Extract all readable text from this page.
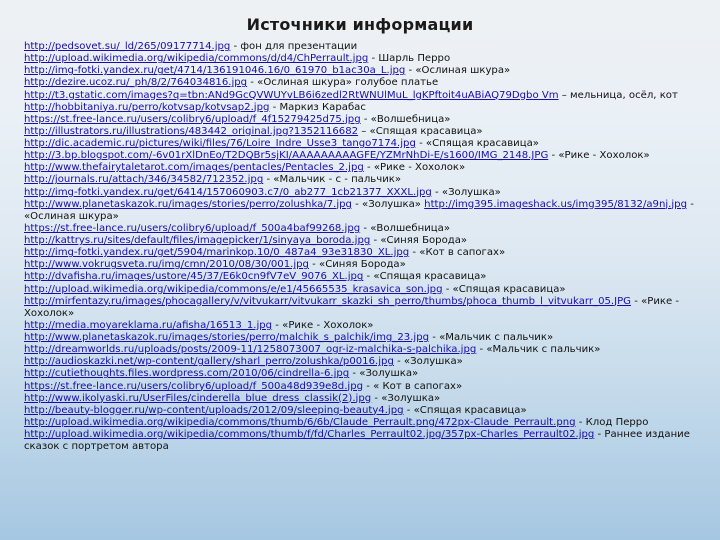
Источники информации
http://pedsovet.su/_ld/265/09177714.jpg - фон для презентации
http://upload.wikimedia.org/wikipedia/commons/d/d4/ChPerrault.jpg - Шарль Перро
http://img-fotki.yandex.ru/get/4714/136191046.16/0_61970_b1ac30a_L.jpg - «Ослиная шкура»
http://dezire.ucoz.ru/_ph/8/2/764034816.jpg - «Ослиная шкура» голубое платье
http://t3.gstatic.com/images?q=tbn:ANd9GcQVWUYvLB6i6zedl2RtWNUlMuL_lgKPftoit4uABiAQ79Dgbo Vm – мельница, осёл, кот
http://hobbitaniya.ru/perro/kotvsap/kotvsap2.jpg - Маркиз Карабас
https://st.free-lance.ru/users/colibry6/upload/f_4f15279425d75.jpg - «Волшебница»
http://illustrators.ru/illustrations/483442_original.jpg?1352116682 – «Спящая красавица»
http://dic.academic.ru/pictures/wiki/files/76/Loire_Indre_Usse3_tango7174.jpg - «Спящая красавица» http://3.bp.blogspot.com/-6v01rXlDnEo/T2DQBr5sjKI/AAAAAAAAAGFE/YZMrNhDi-E/s1600/IMG_2148.JPG - «Рике - Хохолок»
http://www.thefairytaletarot.com/images/pentacles/Pentacles_2.jpg - «Рике - Хохолок»
http://journals.ru/attach/346/34582/712352.jpg - «Мальчик - с - пальчик»
http://img-fotki.yandex.ru/get/6414/157060903.c7/0_ab277_1cb21377_XXXL.jpg - «Золушка»
http://www.planetaskazok.ru/images/stories/perro/zolushka/7.jpg - «Золушка» http://img395.imageshack.us/img395/8132/a9nj.jpg - «Ослиная шкура»
https://st.free-lance.ru/users/colibry6/upload/f_500a4baf99268.jpg - «Волшебница»
http://kattrys.ru/sites/default/files/imagepicker/1/sinyaya_boroda.jpg - «Синяя Борода»
http://img-fotki.yandex.ru/get/5904/marinkop.10/0_487a4_93e31830_XL.jpg - «Кот в сапогах»
http://www.vokrugsveta.ru/img/cmn/2010/08/30/001.jpg - «Синяя Борода»
http://dvafisha.ru/images/ustore/45/37/E6k0cn9fV7eV_9076_XL.jpg - «Спящая красавица»
http://upload.wikimedia.org/wikipedia/commons/e/e1/45665535_krasavica_son.jpg - «Спящая красавица»
http://mirfentazy.ru/images/phocagallery/v/vitvukarr/vitvukarr_skazki_sh_perro/thumbs/phoca_thumb_l_vitvukarr_05.JPG - «Рике - Хохолок»
http://media.moyareklama.ru/afisha/16513_1.jpg - «Рике - Хохолок»
http://www.planetaskazok.ru/images/stories/perro/malchik_s_palchik/img_23.jpg - «Мальчик с пальчик»
http://dreamworlds.ru/uploads/posts/2009-11/1258073007_ogr-iz-malchika-s-palchika.jpg - «Мальчик с пальчик»
http://audioskazki.net/wp-content/gallery/sharl_perro/zolushka/p0016.jpg - «Золушка»
http://cutiethoughts.files.wordpress.com/2010/06/cindrella-6.jpg - «Золушка»
https://st.free-lance.ru/users/colibry6/upload/f_500a48d939e8d.jpg - « Кот в сапогах»
http://www.ikolyaski.ru/UserFiles/cinderella_blue_dress_classik(2).jpg - «Золушка»
http://beauty-blogger.ru/wp-content/uploads/2012/09/sleeping-beauty4.jpg - «Спящая красавица»
http://upload.wikimedia.org/wikipedia/commons/thumb/6/6b/Claude_Perrault.png/472px-Claude_Perrault.png - Клод Перро
http://upload.wikimedia.org/wikipedia/commons/thumb/f/fd/Charles_Perrault02.jpg/357px-Charles_Perrault02.jpg - Раннее издание сказок с портретом автора
